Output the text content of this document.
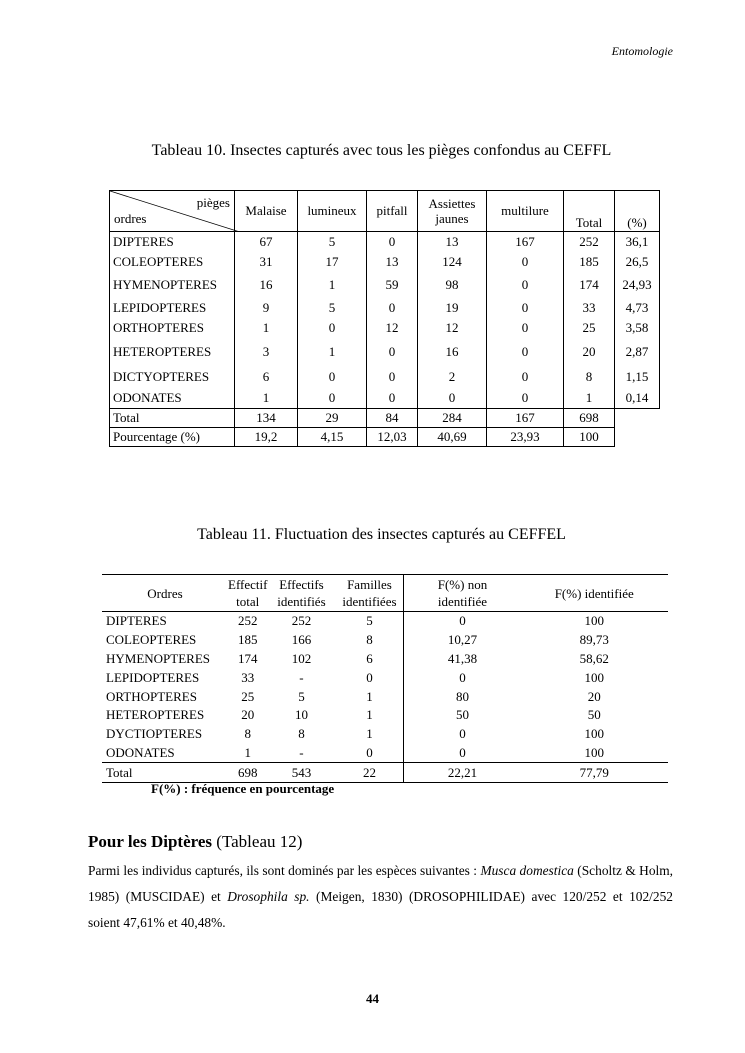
Entomologie
Tableau 10. Insectes capturés avec tous les pièges confondus au CEFFL
pièges
ordres	Malaise	lumineux	pitfall	Assiettes jaunes	multilure	Total	(%)
DIPTERES	67	5	0	13	167	252	36,1
COLEOPTERES	31	17	13	124	0	185	26,5
HYMENOPTERES	16	1	59	98	0	174	24,93
LEPIDOPTERES	9	5	0	19	0	33	4,73
ORTHOPTERES	1	0	12	12	0	25	3,58
HETEROPTERES	3	1	0	16	0	20	2,87
DICTYOPTERES	6	0	0	2	0	8	1,15
ODONATES	1	0	0	0	0	1	0,14
Total	134	29	84	284	167	698	
Pourcentage (%)	19,2	4,15	12,03	40,69	23,93	100	
Tableau 11. Fluctuation des insectes capturés au CEFFEL
Ordres	Effectif total	Effectifs identifiés	Familles identifiées	F(%) non identifiée	F(%) identifiée
DIPTERES	252	252	5	0	100
COLEOPTERES	185	166	8	10,27	89,73
HYMENOPTERES	174	102	6	41,38	58,62
LEPIDOPTERES	33	-	0	0	100
ORTHOPTERES	25	5	1	80	20
HETEROPTERES	20	10	1	50	50
DYCTIOPTERES	8	8	1	0	100
ODONATES	1	-	0	0	100
Total	698	543	22	22,21	77,79
F(%) : fréquence en pourcentage
Pour les Diptères (Tableau 12)
Parmi les individus capturés, ils sont dominés par les espèces suivantes : Musca domestica (Scholtz & Holm, 1985) (MUSCIDAE) et Drosophila sp. (Meigen, 1830) (DROSOPHILIDAE) avec 120/252 et 102/252 soient 47,61% et 40,48%.
44
